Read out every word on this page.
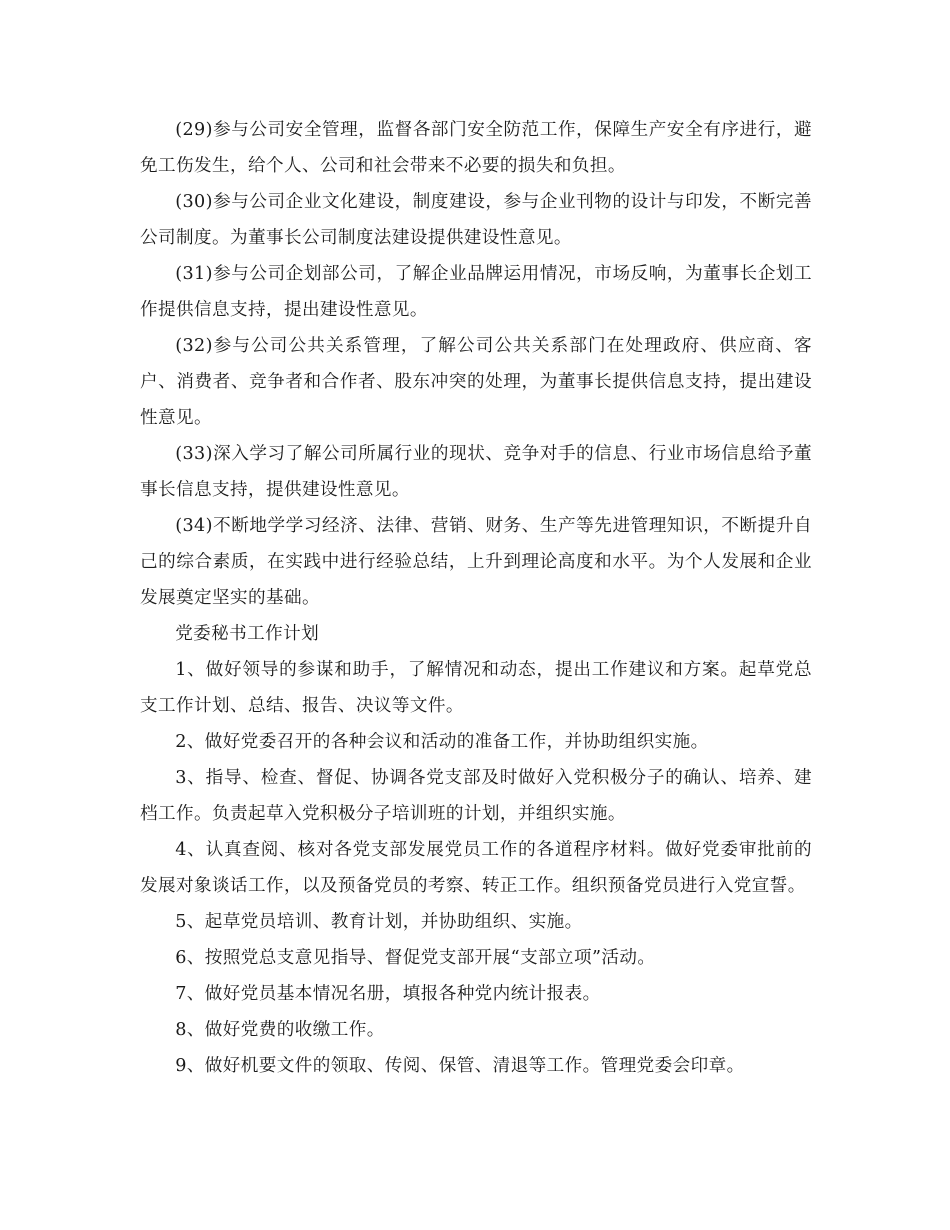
(29)参与公司安全管理，监督各部门安全防范工作，保障生产安全有序进行，避免工伤发生，给个人、公司和社会带来不必要的损失和负担。

(30)参与公司企业文化建设，制度建设，参与企业刊物的设计与印发，不断完善公司制度。为董事长公司制度法建设提供建设性意见。

(31)参与公司企划部公司，了解企业品牌运用情况，市场反响，为董事长企划工作提供信息支持，提出建设性意见。

(32)参与公司公共关系管理，了解公司公共关系部门在处理政府、供应商、客户、消费者、竞争者和合作者、股东冲突的处理，为董事长提供信息支持，提出建设性意见。

(33)深入学习了解公司所属行业的现状、竞争对手的信息、行业市场信息给予董事长信息支持，提供建设性意见。

(34)不断地学学习经济、法律、营销、财务、生产等先进管理知识，不断提升自己的综合素质，在实践中进行经验总结，上升到理论高度和水平。为个人发展和企业发展奠定坚实的基础。

党委秘书工作计划

1、做好领导的参谋和助手，了解情况和动态，提出工作建议和方案。起草党总支工作计划、总结、报告、决议等文件。

2、做好党委召开的各种会议和活动的准备工作，并协助组织实施。

3、指导、检查、督促、协调各党支部及时做好入党积极分子的确认、培养、建档工作。负责起草入党积极分子培训班的计划，并组织实施。

4、认真查阅、核对各党支部发展党员工作的各道程序材料。做好党委审批前的发展对象谈话工作，以及预备党员的考察、转正工作。组织预备党员进行入党宣誓。

5、起草党员培训、教育计划，并协助组织、实施。

6、按照党总支意见指导、督促党支部开展“支部立项”活动。

7、做好党员基本情况名册，填报各种党内统计报表。

8、做好党费的收缴工作。

9、做好机要文件的领取、传阅、保管、清退等工作。管理党委会印章。
